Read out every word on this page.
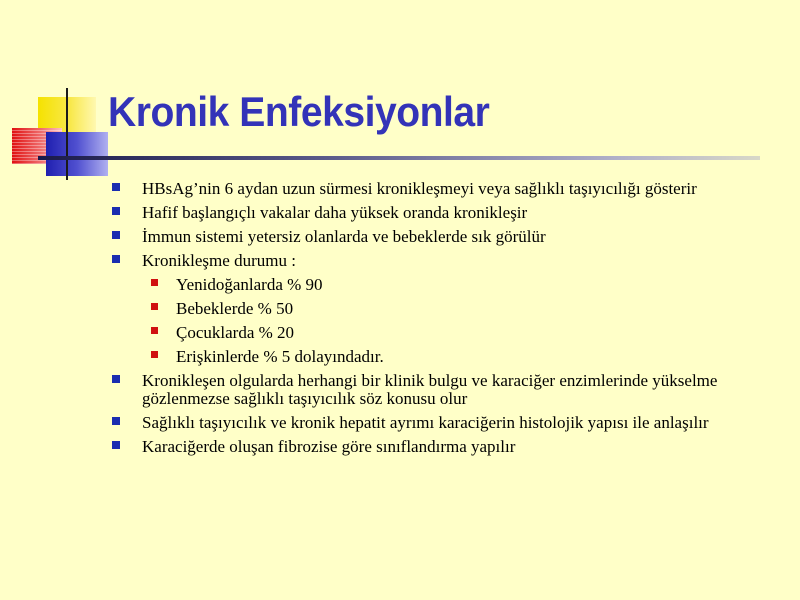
Kronik Enfeksiyonlar
HBsAg’nin 6 aydan uzun sürmesi kronikleşmeyi veya sağlıklı taşıyıcılığı gösterir
Hafif başlangıçlı vakalar daha yüksek oranda kronikleşir
İmmun sistemi yetersiz olanlarda ve bebeklerde sık görülür
Kronikleşme durumu :
Yenidoğanlarda % 90
Bebeklerde % 50
Çocuklarda % 20
Erişkinlerde % 5 dolayındadır.
Kronikleşen olgularda herhangi bir klinik bulgu ve karaciğer enzimlerinde yükselme gözlenmezse sağlıklı taşıyıcılık söz konusu olur
Sağlıklı taşıyıcılık ve kronik hepatit ayrımı karaciğerin histolojik yapısı ile anlaşılır
Karaciğerde oluşan fibrozise göre sınıflandırma yapılır
